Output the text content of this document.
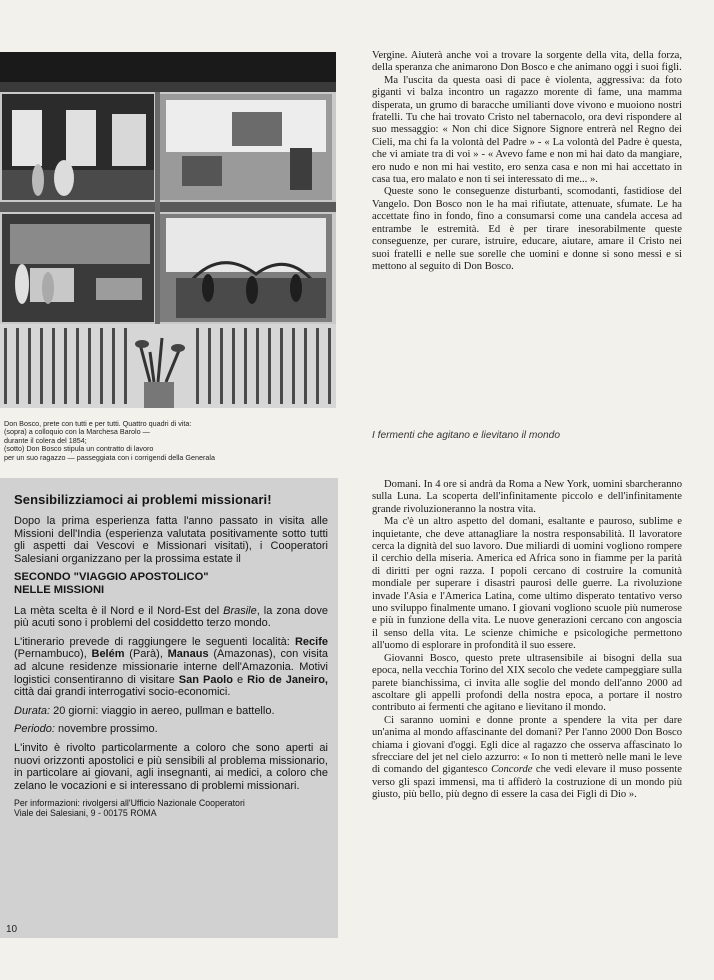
Don Bosco, prete con tutti e per tutti. Quattro quadri di vita:
(sopra) a colloquio con la Marchesa Barolo —
durante il colera del 1854;
(sotto) Don Bosco stipula un contratto di lavoro
per un suo ragazzo — passeggiata con i corrigendi della Generala
Sensibilizziamoci ai problemi missionari!

Dopo la prima esperienza fatta l'anno passato in visita alle Missioni dell'India (esperienza valutata positivamente sotto tutti gli aspetti dai Vescovi e Missionari visitati), i Cooperatori Salesiani organizzano per la prossima estate il

SECONDO "VIAGGIO APOSTOLICO"
NELLE MISSIONI

La mèta scelta è il Nord e il Nord-Est del Brasile, la zona dove più acuti sono i problemi del cosiddetto terzo mondo.

L'itinerario prevede di raggiungere le seguenti località: Recife (Pernambuco), Belém (Parà), Manaus (Amazonas), con visita ad alcune residenze missionarie interne dell'Amazonia. Motivi logistici consentiranno di visitare San Paolo e Rio de Janeiro, città dai grandi interrogativi socio-economici.

Durata: 20 giorni: viaggio in aereo, pullman e battello.

Periodo: novembre prossimo.

L'invito è rivolto particolarmente a coloro che sono aperti ai nuovi orizzonti apostolici e più sensibili al problema missionario, in particolare ai giovani, agli insegnanti, ai medici, a coloro che zelano le vocazioni e si interessano di problemi missionari.

Per informazioni: rivolgersi all'Ufficio Nazionale Cooperatori
Viale dei Salesiani, 9 - 00175 ROMA

10

Vergine. Aiuterà anche voi a trovare la sorgente della vita, della forza, della speranza che animarono Don Bosco e che animano oggi i suoi figli.

Ma l'uscita da questa oasi di pace è violenta, aggressiva: da foto giganti vi balza incontro un ragazzo morente di fame, una mamma disperata, un grumo di baracche umilianti dove vivono e muoiono nostri fratelli. Tu che hai trovato Cristo nel tabernacolo, ora devi rispondere al suo messaggio: « Non chi dice Signore Signore entrerà nel Regno dei Cieli, ma chi fa la volontà del Padre » - « La volontà del Padre è questa, che vi amiate tra di voi » - « Avevo fame e non mi hai dato da mangiare, ero nudo e non mi hai vestito, ero senza casa e non mi hai accettato in casa tua, ero malato e non ti sei interessato di me... ».

Queste sono le conseguenze disturbanti, scomodanti, fastidiose del Vangelo. Don Bosco non le ha mai rifiutate, attenuate, sfumate. Le ha accettate fino in fondo, fino a consumarsi come una candela accesa ad entrambe le estremità. Ed è per tirare inesorabilmente queste conseguenze, per curare, istruire, educare, aiutare, amare il Cristo nei suoi fratelli e nelle sue sorelle che uomini e donne si sono messi e si mettono al seguito di Don Bosco.

I fermenti che agitano e lievitano il mondo

Domani. In 4 ore si andrà da Roma a New York, uomini sbarcheranno sulla Luna. La scoperta dell'infinitamente piccolo e dell'infinitamente grande rivoluzioneranno la nostra vita.

Ma c'è un altro aspetto del domani, esaltante e pauroso, sublime e inquietante, che deve attanagliare la nostra responsabilità. Il lavoratore cerca la dignità del suo lavoro. Due miliardi di uomini vogliono rompere il cerchio della miseria. America ed Africa sono in fiamme per la parità di diritti per ogni razza. I popoli cercano di costruire la comunità mondiale per superare i disastri paurosi delle guerre. La rivoluzione invade l'Asia e l'America Latina, come ultimo disperato tentativo verso uno sviluppo finalmente umano. I giovani vogliono scuole più numerose e più in funzione della vita. Le nuove generazioni cercano con angoscia il senso della vita. Le scienze chimiche e psicologiche permettono all'uomo di esplorare in profondità il suo essere.

Giovanni Bosco, questo prete ultrasensibile ai bisogni della sua epoca, nella vecchia Torino del XIX secolo che vedete campeggiare sulla parete bianchissima, ci invita alle soglie del mondo dell'anno 2000 ad ascoltare gli appelli profondi della nostra epoca, a portare il nostro contributo ai fermenti che agitano e lievitano il mondo.

Ci saranno uomini e donne pronte a spendere la vita per dare un'anima al mondo affascinante del domani? Per l'anno 2000 Don Bosco chiama i giovani d'oggi. Egli dice al ragazzo che osserva affascinato lo sfrecciare del jet nel cielo azzurro: « Io non ti metterò nelle mani le leve di comando del gigantesco Concorde che vedi elevare il muso possente verso gli spazi immensi, ma ti affiderò la costruzione di un mondo più giusto, più bello, più degno di essere la casa dei Figli di Dio ».
